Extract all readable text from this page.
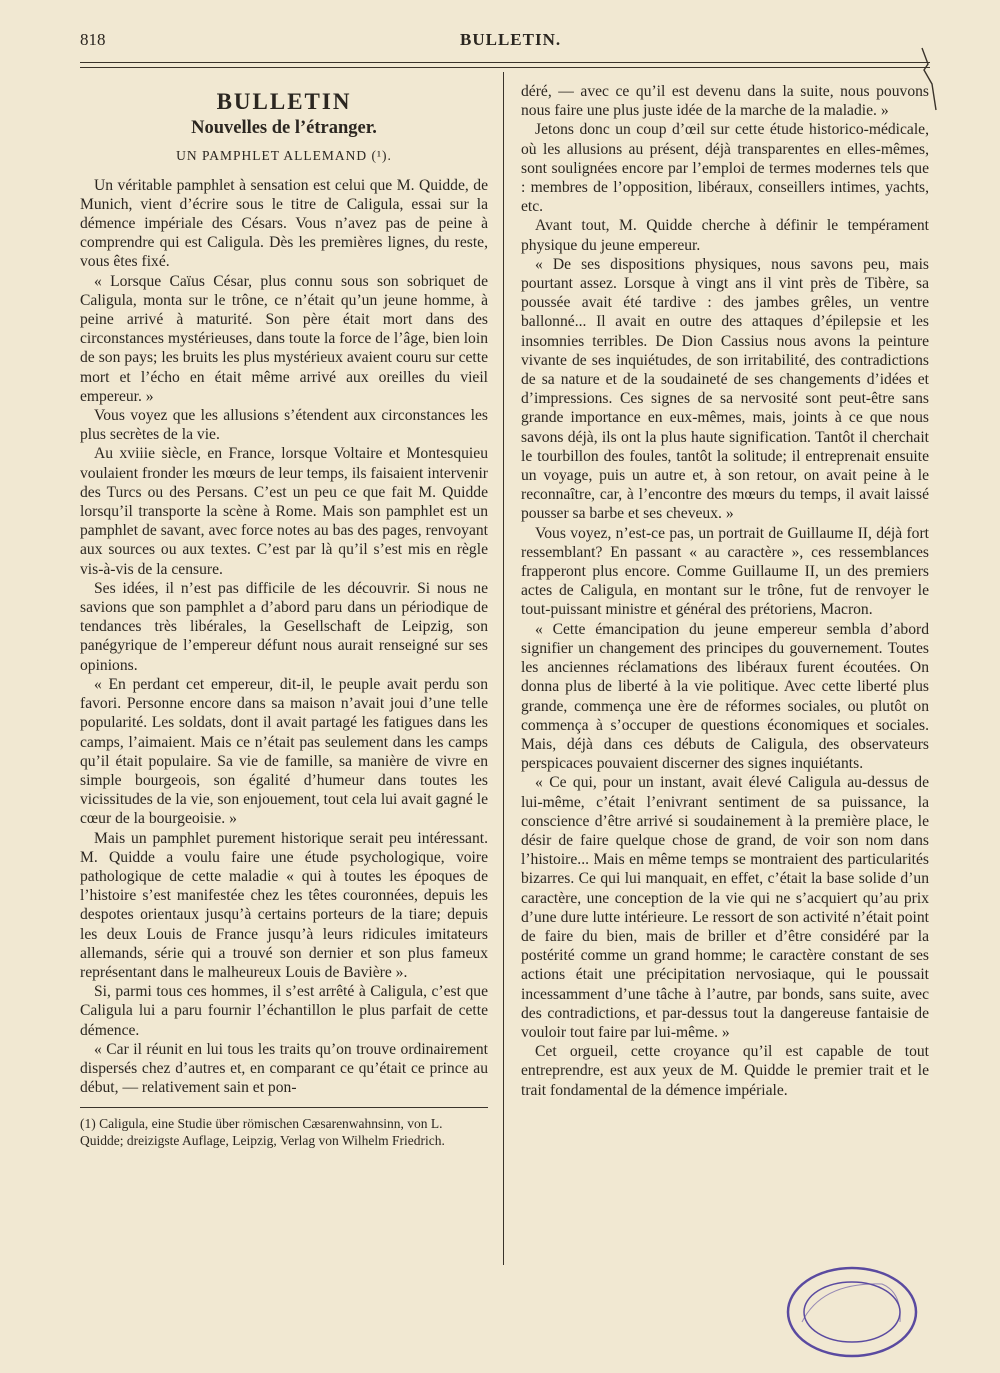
818	BULLETIN.
BULLETIN
Nouvelles de l’étranger.
UN PAMPHLET ALLEMAND (¹).

Un véritable pamphlet à sensation est celui que M. Quidde, de Munich, vient d’écrire sous le titre de Caligula, essai sur la démence impériale des Césars. Vous n’avez pas de peine à comprendre qui est Caligula. Dès les premières lignes, du reste, vous êtes fixé.

« Lorsque Caïus César, plus connu sous son sobriquet de Caligula, monta sur le trône, ce n’était qu’un jeune homme, à peine arrivé à maturité. Son père était mort dans des circonstances mystérieuses, dans toute la force de l’âge, bien loin de son pays; les bruits les plus mystérieux avaient couru sur cette mort et l’écho en était même arrivé aux oreilles du vieil empereur. »

Vous voyez que les allusions s’étendent aux circonstances les plus secrètes de la vie.

Au xviiie siècle, en France, lorsque Voltaire et Montesquieu voulaient fronder les mœurs de leur temps, ils faisaient intervenir des Turcs ou des Persans. C’est un peu ce que fait M. Quidde lorsqu’il transporte la scène à Rome. Mais son pamphlet est un pamphlet de savant, avec force notes au bas des pages, renvoyant aux sources ou aux textes. C’est par là qu’il s’est mis en règle vis-à-vis de la censure.

Ses idées, il n’est pas difficile de les découvrir. Si nous ne savions que son pamphlet a d’abord paru dans un périodique de tendances très libérales, la Gesellschaft de Leipzig, son panégyrique de l’empereur défunt nous aurait renseigné sur ses opinions.

« En perdant cet empereur, dit-il, le peuple avait perdu son favori. Personne encore dans sa maison n’avait joui d’une telle popularité. Les soldats, dont il avait partagé les fatigues dans les camps, l’aimaient. Mais ce n’était pas seulement dans les camps qu’il était populaire. Sa vie de famille, sa manière de vivre en simple bourgeois, son égalité d’humeur dans toutes les vicissitudes de la vie, son enjouement, tout cela lui avait gagné le cœur de la bourgeoisie. »

Mais un pamphlet purement historique serait peu intéressant. M. Quidde a voulu faire une étude psychologique, voire pathologique de cette maladie « qui à toutes les époques de l’histoire s’est manifestée chez les têtes couronnées, depuis les despotes orientaux jusqu’à certains porteurs de la tiare; depuis les deux Louis de France jusqu’à leurs ridicules imitateurs allemands, série qui a trouvé son dernier et son plus fameux représentant dans le malheureux Louis de Bavière ».

Si, parmi tous ces hommes, il s’est arrêté à Caligula, c’est que Caligula lui a paru fournir l’échantillon le plus parfait de cette démence.

« Car il réunit en lui tous les traits qu’on trouve ordinairement dispersés chez d’autres et, en comparant ce qu’était ce prince au début, — relativement sain et pon-

(1) Caligula, eine Studie über römischen Cæsarenwahnsinn, von L. Quidde; dreizigste Auflage, Leipzig, Verlag von Wilhelm Friedrich.

déré, — avec ce qu’il est devenu dans la suite, nous pouvons nous faire une plus juste idée de la marche de la maladie. »

Jetons donc un coup d’œil sur cette étude historico-médicale, où les allusions au présent, déjà transparentes en elles-mêmes, sont soulignées encore par l’emploi de termes modernes tels que : membres de l’opposition, libéraux, conseillers intimes, yachts, etc.

Avant tout, M. Quidde cherche à définir le tempérament physique du jeune empereur.

« De ses dispositions physiques, nous savons peu, mais pourtant assez. Lorsque à vingt ans il vint près de Tibère, sa poussée avait été tardive : des jambes grêles, un ventre ballonné... Il avait en outre des attaques d’épilepsie et les insomnies terribles. De Dion Cassius nous avons la peinture vivante de ses inquiétudes, de son irritabilité, des contradictions de sa nature et de la soudaineté de ses changements d’idées et d’impressions. Ces signes de sa nervosité sont peut-être sans grande importance en eux-mêmes, mais, joints à ce que nous savons déjà, ils ont la plus haute signification. Tantôt il cherchait le tourbillon des foules, tantôt la solitude; il entreprenait ensuite un voyage, puis un autre et, à son retour, on avait peine à le reconnaître, car, à l’encontre des mœurs du temps, il avait laissé pousser sa barbe et ses cheveux. »

Vous voyez, n’est-ce pas, un portrait de Guillaume II, déjà fort ressemblant? En passant « au caractère », ces ressemblances frapperont plus encore. Comme Guillaume II, un des premiers actes de Caligula, en montant sur le trône, fut de renvoyer le tout-puissant ministre et général des prétoriens, Macron.

« Cette émancipation du jeune empereur sembla d’abord signifier un changement des principes du gouvernement. Toutes les anciennes réclamations des libéraux furent écoutées. On donna plus de liberté à la vie politique. Avec cette liberté plus grande, commença une ère de réformes sociales, ou plutôt on commença à s’occuper de questions économiques et sociales. Mais, déjà dans ces débuts de Caligula, des observateurs perspicaces pouvaient discerner des signes inquiétants.

« Ce qui, pour un instant, avait élevé Caligula au-dessus de lui-même, c’était l’enivrant sentiment de sa puissance, la conscience d’être arrivé si soudainement à la première place, le désir de faire quelque chose de grand, de voir son nom dans l’histoire... Mais en même temps se montraient des particularités bizarres. Ce qui lui manquait, en effet, c’était la base solide d’un caractère, une conception de la vie qui ne s’acquiert qu’au prix d’une dure lutte intérieure. Le ressort de son activité n’était point de faire du bien, mais de briller et d’être considéré par la postérité comme un grand homme; le caractère constant de ses actions était une précipitation nervosiaque, qui le poussait incessamment d’une tâche à l’autre, par bonds, sans suite, avec des contradictions, et par-dessus tout la dangereuse fantaisie de vouloir tout faire par lui-même. »

Cet orgueil, cette croyance qu’il est capable de tout entreprendre, est aux yeux de M. Quidde le premier trait et le trait fondamental de la démence impériale.
